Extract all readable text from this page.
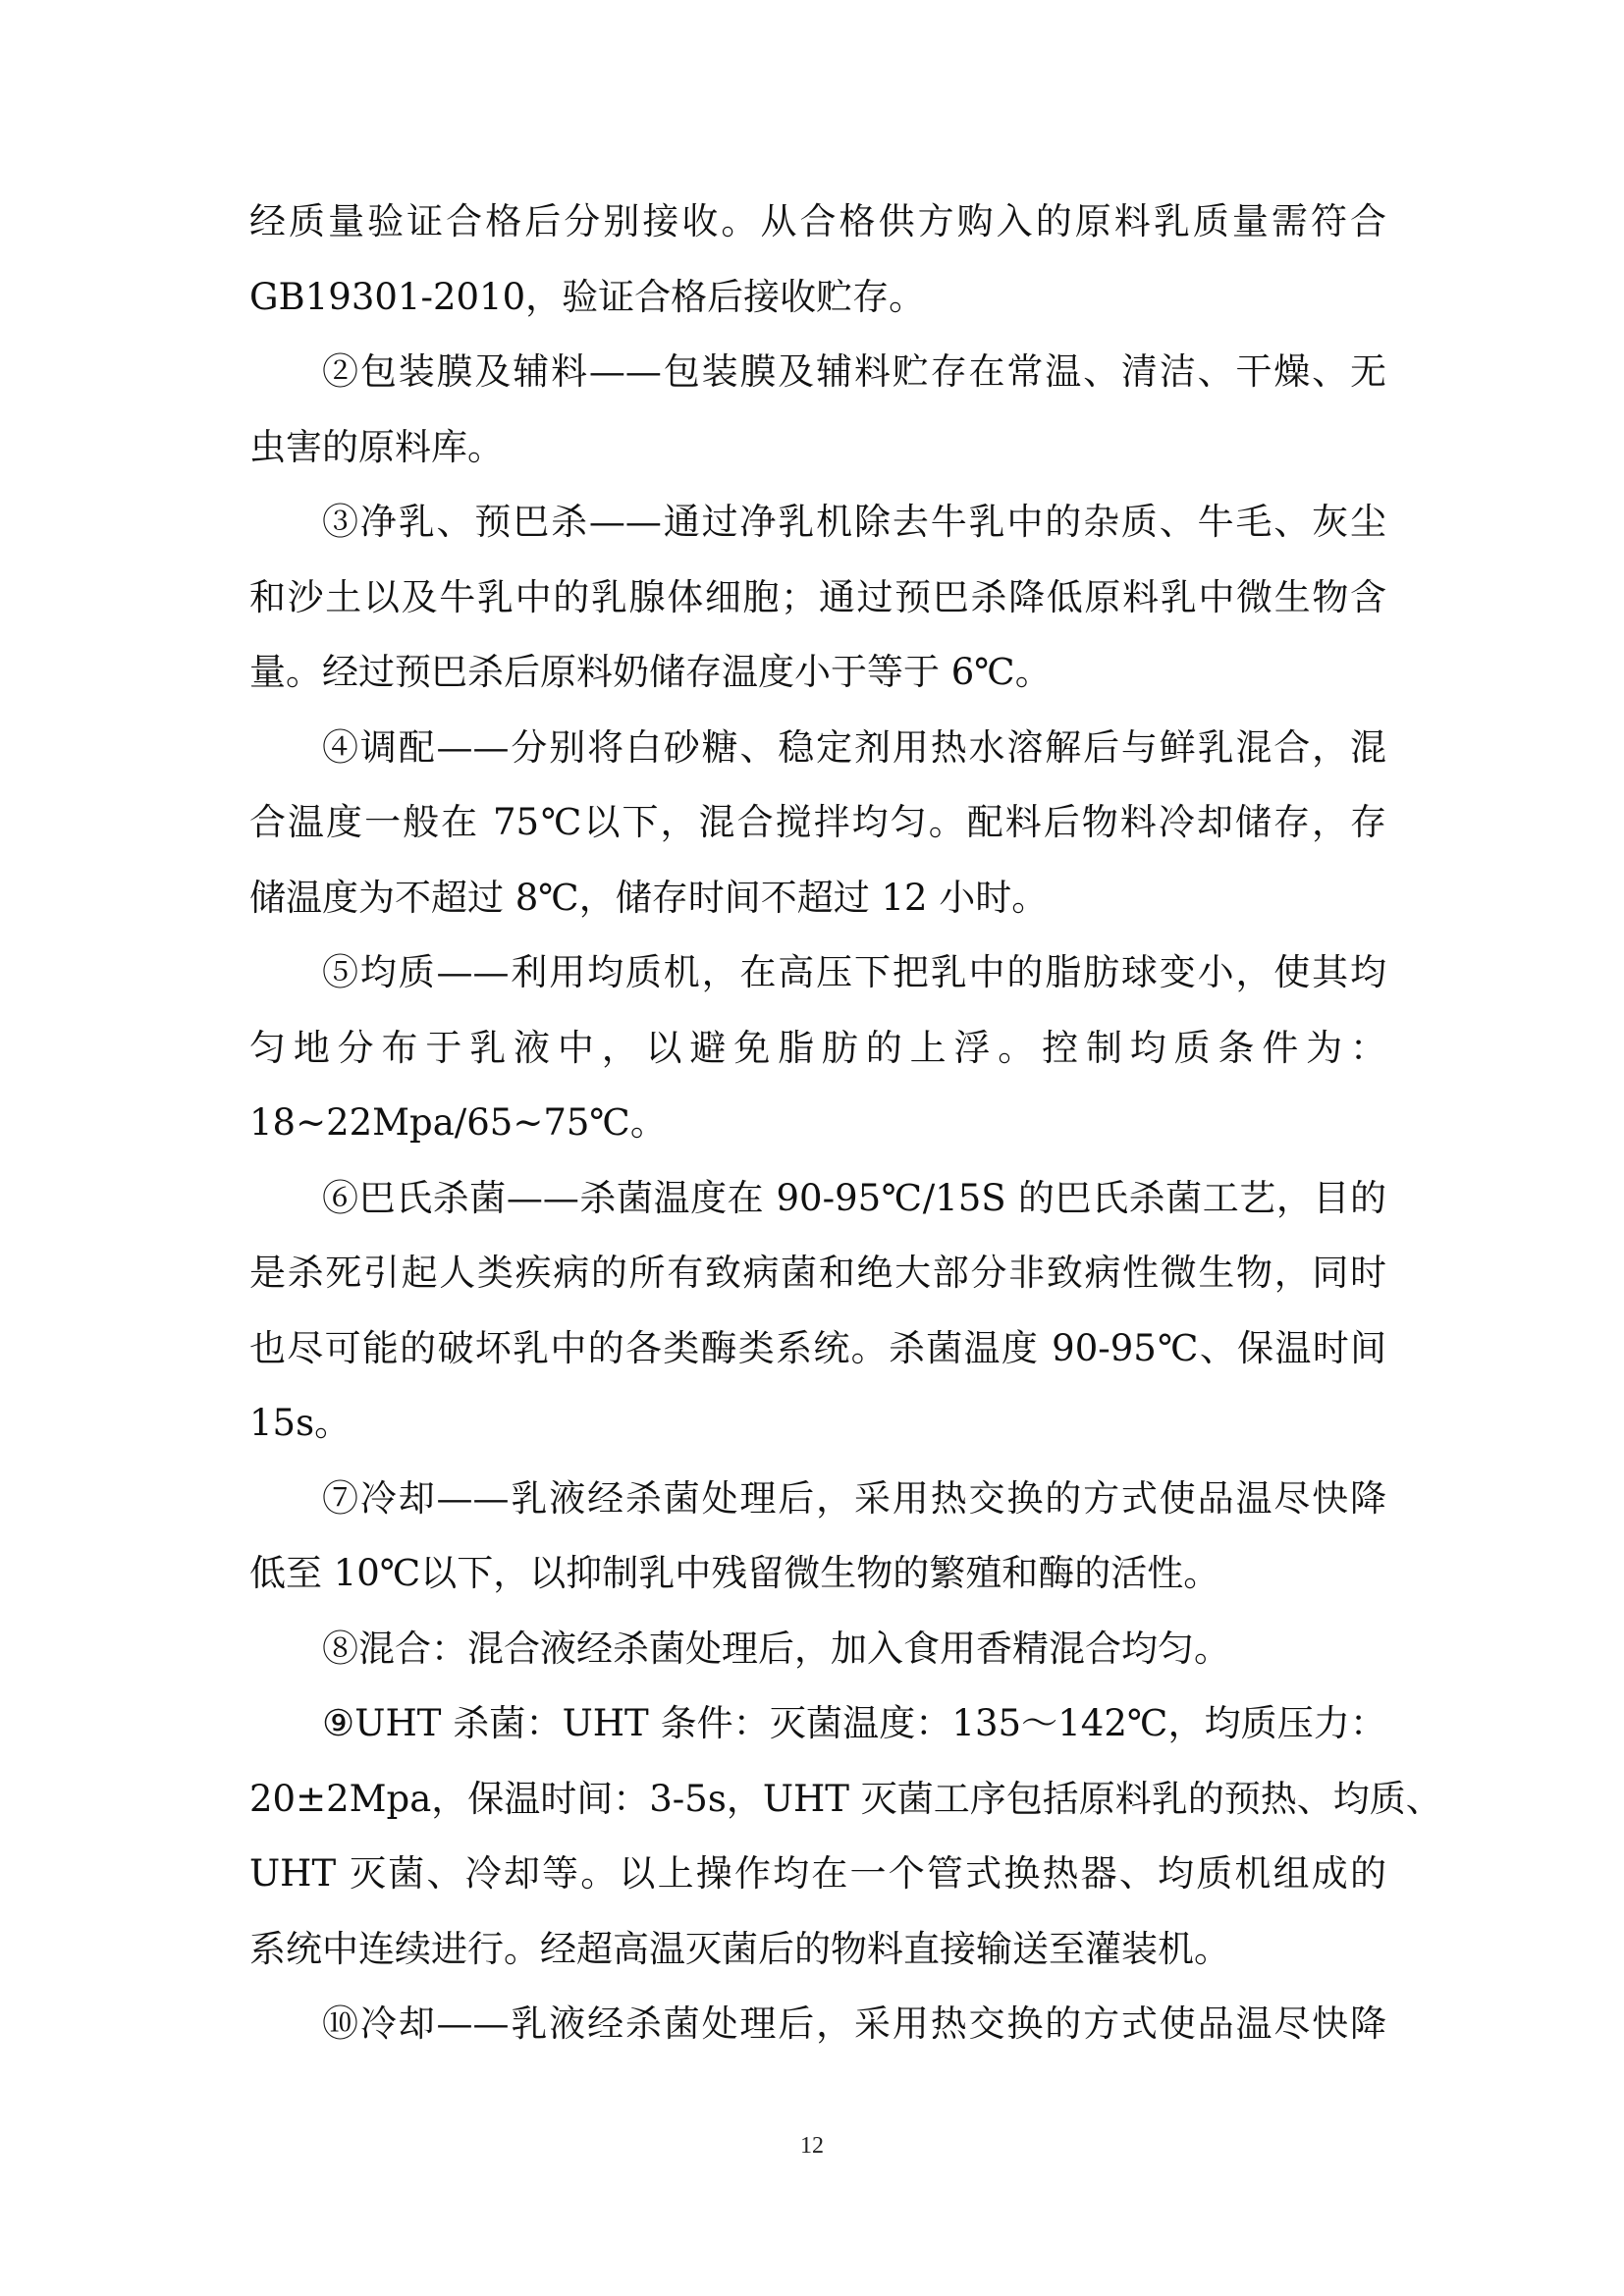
经质量验证合格后分别接收。从合格供方购入的原料乳质量需符合
GB19301-2010，验证合格后接收贮存。
②包装膜及辅料——包装膜及辅料贮存在常温、清洁、干燥、无
虫害的原料库。
③净乳、预巴杀——通过净乳机除去牛乳中的杂质、牛毛、灰尘
和沙土以及牛乳中的乳腺体细胞；通过预巴杀降低原料乳中微生物含
量。经过预巴杀后原料奶储存温度小于等于 6℃。
④调配——分别将白砂糖、稳定剂用热水溶解后与鲜乳混合，混
合温度一般在 75℃以下，混合搅拌均匀。配料后物料冷却储存，存
储温度为不超过 8℃，储存时间不超过 12 小时。
⑤均质——利用均质机，在高压下把乳中的脂肪球变小，使其均
匀地分布于乳液中，以避免脂肪的上浮。控制均质条件为：
18~22Mpa/65~75℃。
⑥巴氏杀菌——杀菌温度在 90-95℃/15S 的巴氏杀菌工艺，目的
是杀死引起人类疾病的所有致病菌和绝大部分非致病性微生物，同时
也尽可能的破坏乳中的各类酶类系统。杀菌温度 90-95℃、保温时间
15s。
⑦冷却——乳液经杀菌处理后，采用热交换的方式使品温尽快降
低至 10℃以下，以抑制乳中残留微生物的繁殖和酶的活性。
⑧混合：混合液经杀菌处理后，加入食用香精混合均匀。
⑨UHT 杀菌：UHT 条件：灭菌温度：135～142℃，均质压力：
20±2Mpa，保温时间：3-5s，UHT 灭菌工序包括原料乳的预热、均质、
UHT 灭菌、冷却等。以上操作均在一个管式换热器、均质机组成的
系统中连续进行。经超高温灭菌后的物料直接输送至灌装机。
⑩冷却——乳液经杀菌处理后，采用热交换的方式使品温尽快降
12
